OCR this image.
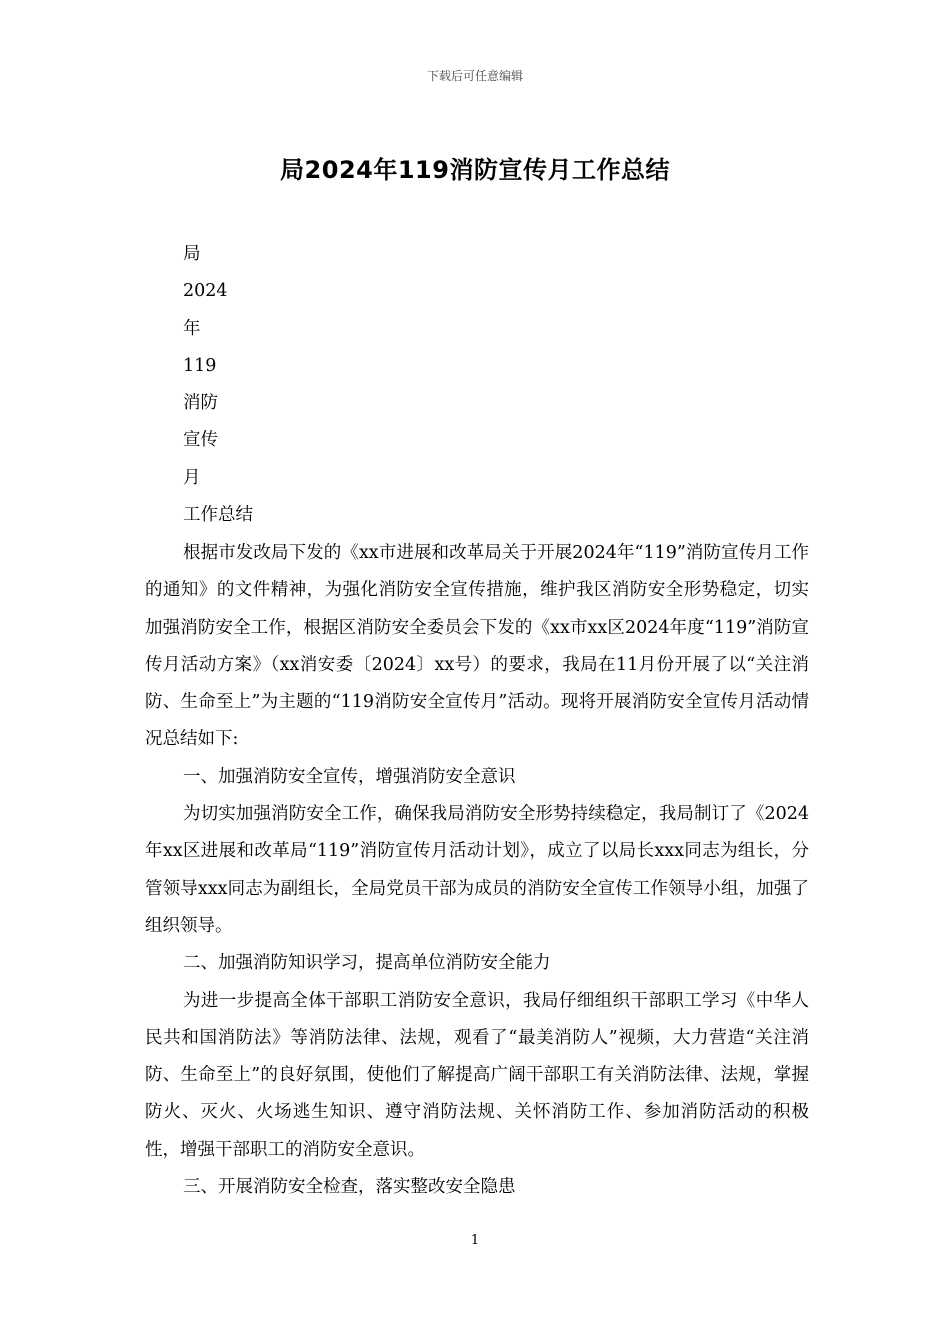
下载后可任意编辑
局2024年119消防宣传月工作总结
局
2024
年
119
消防
宣传
月
工作总结

根据市发改局下发的《xx市进展和改革局关于开展2024年“119”消防宣传月工作的通知》的文件精神，为强化消防安全宣传措施，维护我区消防安全形势稳定，切实加强消防安全工作，根据区消防安全委员会下发的《xx市xx区2024年度“119”消防宣传月活动方案》（xx消安委〔2024〕xx号）的要求，我局在11月份开展了以“关注消防、生命至上”为主题的“119消防安全宣传月”活动。现将开展消防安全宣传月活动情况总结如下:

一、加强消防安全宣传，增强消防安全意识

为切实加强消防安全工作，确保我局消防安全形势持续稳定，我局制订了《2024年xx区进展和改革局“119”消防宣传月活动计划》，成立了以局长xxx同志为组长，分管领导xxx同志为副组长，全局党员干部为成员的消防安全宣传工作领导小组，加强了组织领导。

二、加强消防知识学习，提高单位消防安全能力

为进一步提高全体干部职工消防安全意识，我局仔细组织干部职工学习《中华人民共和国消防法》等消防法律、法规，观看了“最美消防人”视频，大力营造“关注消防、生命至上”的良好氛围，使他们了解提高广阔干部职工有关消防法律、法规，掌握防火、灭火、火场逃生知识、遵守消防法规、关怀消防工作、参加消防活动的积极性，增强干部职工的消防安全意识。

三、开展消防安全检查，落实整改安全隐患

1
